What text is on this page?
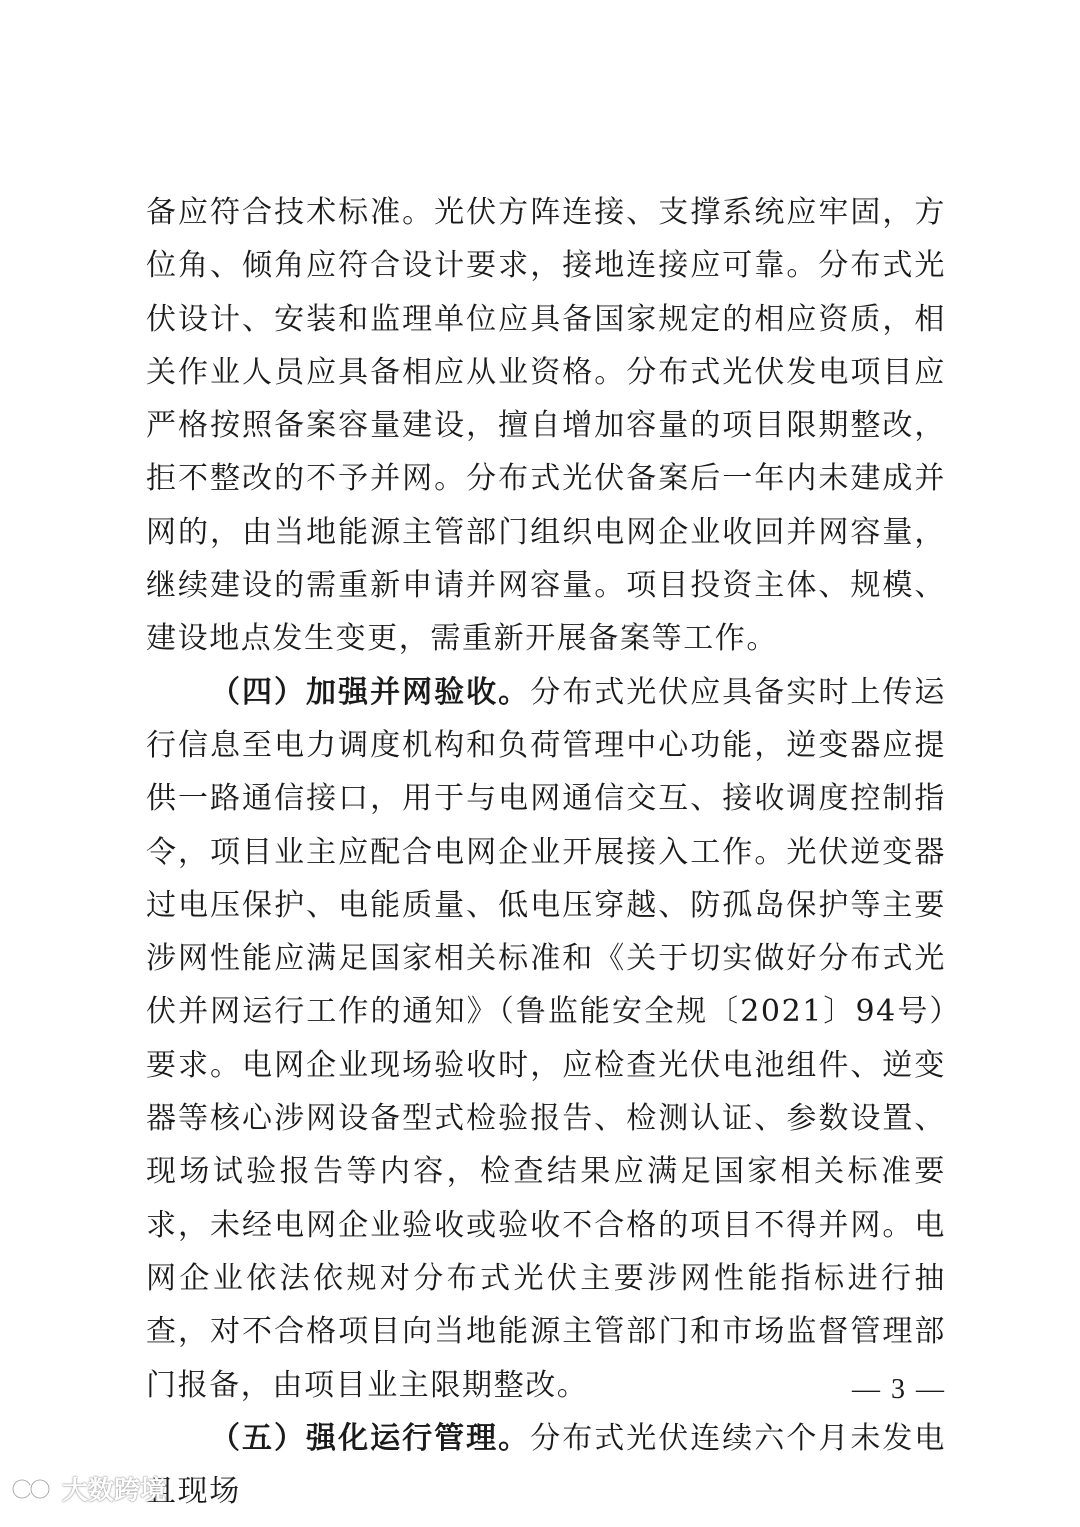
备应符合技术标准。光伏方阵连接、支撑系统应牢固，方位角、倾角应符合设计要求，接地连接应可靠。分布式光伏设计、安装和监理单位应具备国家规定的相应资质，相关作业人员应具备相应从业资格。分布式光伏发电项目应严格按照备案容量建设，擅自增加容量的项目限期整改，拒不整改的不予并网。分布式光伏备案后一年内未建成并网的，由当地能源主管部门组织电网企业收回并网容量，继续建设的需重新申请并网容量。项目投资主体、规模、建设地点发生变更，需重新开展备案等工作。

（四）加强并网验收。分布式光伏应具备实时上传运行信息至电力调度机构和负荷管理中心功能，逆变器应提供一路通信接口，用于与电网通信交互、接收调度控制指令，项目业主应配合电网企业开展接入工作。光伏逆变器过电压保护、电能质量、低电压穿越、防孤岛保护等主要涉网性能应满足国家相关标准和《关于切实做好分布式光伏并网运行工作的通知》（鲁监能安全规〔2021〕94号）要求。电网企业现场验收时，应检查光伏电池组件、逆变器等核心涉网设备型式检验报告、检测认证、参数设置、现场试验报告等内容，检查结果应满足国家相关标准要求，未经电网企业验收或验收不合格的项目不得并网。电网企业依法依规对分布式光伏主要涉网性能指标进行抽查，对不合格项目向当地能源主管部门和市场监督管理部门报备，由项目业主限期整改。

（五）强化运行管理。分布式光伏连续六个月未发电且现场

— 3 —
大数跨境
